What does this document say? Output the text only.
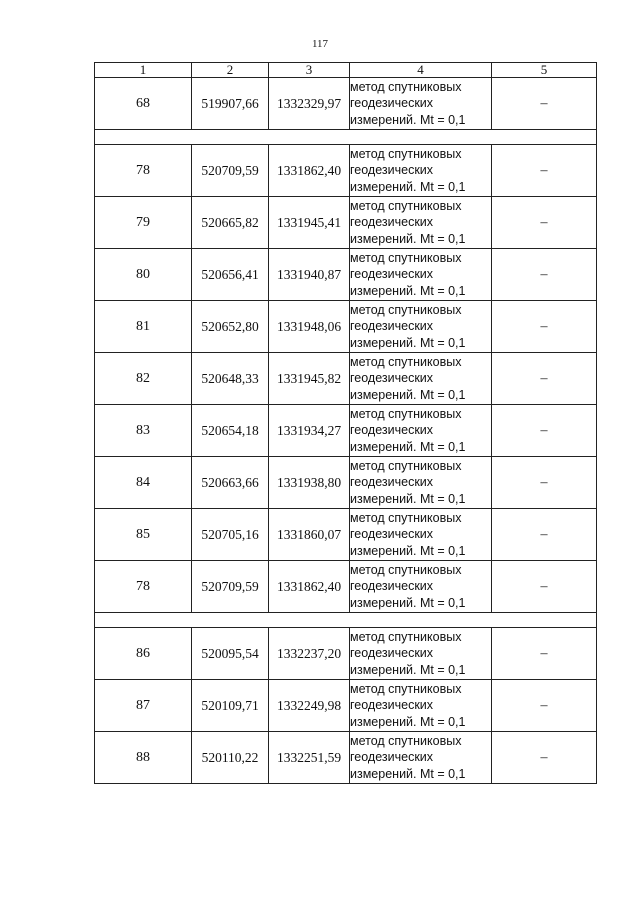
117
1	2	3	4	5
68	519907,66	1332329,97	метод спутниковых
геодезических
измерений. Mt = 0,1	–

78	520709,59	1331862,40	метод спутниковых
геодезических
измерений. Mt = 0,1	–
79	520665,82	1331945,41	метод спутниковых
геодезических
измерений. Mt = 0,1	–
80	520656,41	1331940,87	метод спутниковых
геодезических
измерений. Mt = 0,1	–
81	520652,80	1331948,06	метод спутниковых
геодезических
измерений. Mt = 0,1	–
82	520648,33	1331945,82	метод спутниковых
геодезических
измерений. Mt = 0,1	–
83	520654,18	1331934,27	метод спутниковых
геодезических
измерений. Mt = 0,1	–
84	520663,66	1331938,80	метод спутниковых
геодезических
измерений. Mt = 0,1	–
85	520705,16	1331860,07	метод спутниковых
геодезических
измерений. Mt = 0,1	–
78	520709,59	1331862,40	метод спутниковых
геодезических
измерений. Mt = 0,1	–

86	520095,54	1332237,20	метод спутниковых
геодезических
измерений. Mt = 0,1	–
87	520109,71	1332249,98	метод спутниковых
геодезических
измерений. Mt = 0,1	–
88	520110,22	1332251,59	метод спутниковых
геодезических
измерений. Mt = 0,1	–
